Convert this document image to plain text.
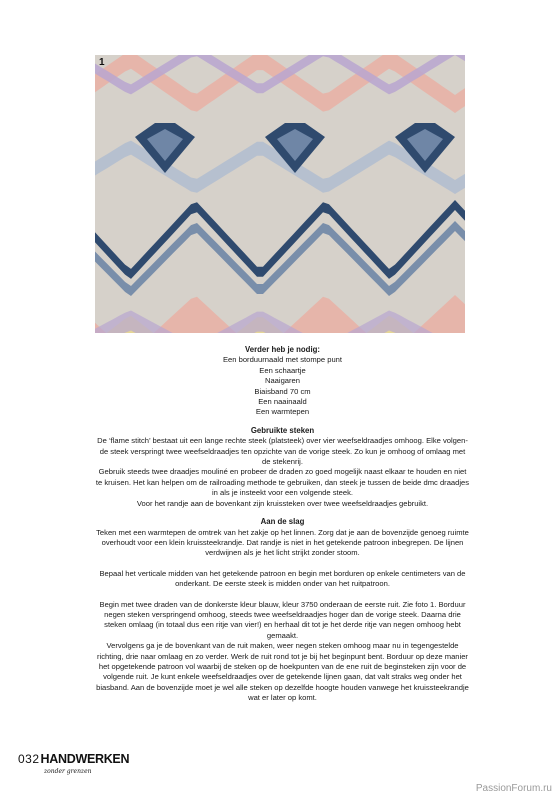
1
Verder heb je nodig:

Een borduurnaald met stompe punt

Een schaartje

Naaigaren

Biaisband 70 cm

Een naainaald

Een warmtepen

Gebruikte steken

De ‘flame stitch’ bestaat uit een lange rechte steek (platsteek) over vier weefseldraadjes omhoog. Elke volgen-

de steek verspringt twee weefseldraadjes ten opzichte van de vorige steek. Zo kun je omhoog of omlaag met

de stekenrij.

Gebruik steeds twee draadjes mouliné en probeer de draden zo goed mogelijk naast elkaar te houden en niet

te kruisen. Het kan helpen om de railroading methode te gebruiken, dan steek je tussen de beide dmc draadjes

in als je insteekt voor een volgende steek.

Voor het randje aan de bovenkant zijn kruissteken over twee weefseldraadjes gebruikt.

Aan de slag

Teken met een warmtepen de omtrek van het zakje op het linnen. Zorg dat je aan de bovenzijde genoeg ruimte

overhoudt voor een klein kruissteekrandje. Dat randje is niet in het getekende patroon inbegrepen. De lijnen

verdwijnen als je het licht strijkt zonder stoom.

Bepaal het verticale midden van het getekende patroon en begin met borduren op enkele centimeters van de

onderkant. De eerste steek is midden onder van het ruitpatroon.

Begin met twee draden van de donkerste kleur blauw, kleur 3750 onderaan de eerste ruit. Zie foto 1. Borduur

negen steken verspringend omhoog, steeds twee weefseldraadjes hoger dan de vorige steek. Daarna drie

steken omlaag (in totaal dus een ritje van vier!) en herhaal dit tot je het derde ritje van negen omhoog hebt

gemaakt.

Vervolgens ga je de bovenkant van de ruit maken, weer negen steken omhoog maar nu in tegengestelde

richting, drie naar omlaag en zo verder. Werk de ruit rond tot je bij het beginpunt bent. Borduur op deze manier

het opgetekende patroon vol waarbij de steken op de hoekpunten van de ene ruit de beginsteken zijn voor de

volgende ruit. Je kunt enkele weefseldraadjes over de getekende lijnen gaan, dat valt straks weg onder het

biasband. Aan de bovenzijde moet je wel alle steken op dezelfde hoogte houden vanwege het kruissteekrandje

wat er later op komt.

032 HANDWERKEN
zonder grenzen
PassionForum.ru
